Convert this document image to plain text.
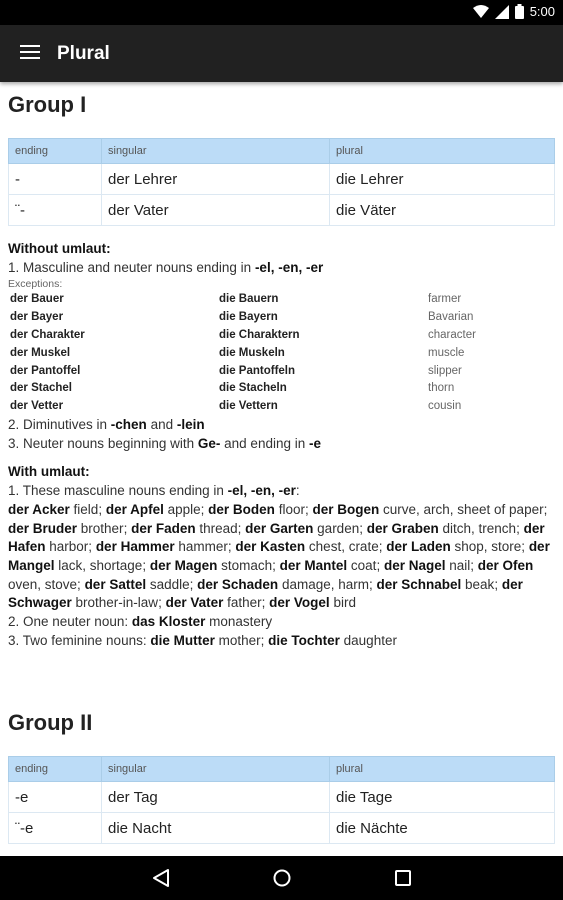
5:00
Plural
Group I
ending	singular	plural
-	der Lehrer	die Lehrer
¨-	der Vater	die Väter
Without umlaut:
1. Masculine and neuter nouns ending in -el, -en, -er
Exceptions:
der Bauer	die Bauern	farmer
der Bayer	die Bayern	Bavarian
der Charakter	die Charaktern	character
der Muskel	die Muskeln	muscle
der Pantoffel	die Pantoffeln	slipper
der Stachel	die Stacheln	thorn
der Vetter	die Vettern	cousin
2. Diminutives in -chen and -lein
3. Neuter nouns beginning with Ge- and ending in -e
With umlaut:
1. These masculine nouns ending in -el, -en, -er:
der Acker field; der Apfel apple; der Boden floor; der Bogen curve, arch, sheet of paper; der Bruder brother; der Faden thread; der Garten garden; der Graben ditch, trench; der Hafen harbor; der Hammer hammer; der Kasten chest, crate; der Laden shop, store; der Mangel lack, shortage; der Magen stomach; der Mantel coat; der Nagel nail; der Ofen oven, stove; der Sattel saddle; der Schaden damage, harm; der Schnabel beak; der Schwager brother-in-law; der Vater father; der Vogel bird
2. One neuter noun: das Kloster monastery
3. Two feminine nouns: die Mutter mother; die Tochter daughter
Group II
ending	singular	plural
-e	der Tag	die Tage
¨-e	die Nacht	die Nächte
